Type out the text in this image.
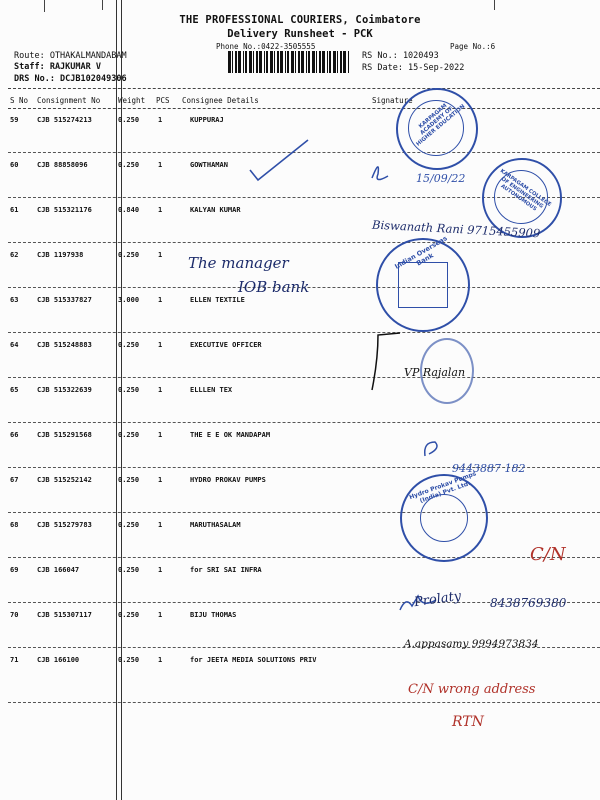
THE PROFESSIONAL COURIERS, Coimbatore
Delivery Runsheet - PCK
Phone No.:0422-3505555	Page No.:6
Route: OTHAKALMANDABAM
Staff: RAJKUMAR V
DRS No.: DCJB102049306
RS No.: 1020493
RS Date: 15-Sep-2022
S No Consignment No Weight PCS Consignee Details	Signature
59	CJB 515274213	0.250	1	KUPPURAJ
60	CJB 88858096	0.250	1	GOWTHAMAN
61	CJB 515321176	0.840	1	KALYAN KUMAR
62	CJB 1197938	0.250	1
63	CJB 515337827	3.000	1	ELLEN TEXTILE
64	CJB 515248883	0.250	1	EXECUTIVE OFFICER
65	CJB 515322639	0.250	1	ELLLEN TEX
66	CJB 515291568	0.250	1	THE E E OK MANDAPAM
67	CJB 515252142	0.250	1	HYDRO PROKAV PUMPS
68	CJB 515279783	0.250	1	MARUTHASALAM
69	CJB 166047	0.250	1	for SRI SAI INFRA
70	CJB 515307117	0.250	1	BIJU THOMAS
71	CJB 166100	0.250	1	for JEETA MEDIA SOLUTIONS PRIV
KARPAGAM ACADEMY OF HIGHER EDUCATION
KARPAGAM COLLEGE OF ENGINEERING AUTONOMOUS
Indian Overseas Bank
Hydro Prokav Pumps (India) Pvt. Ltd.
15/09/22
Biswanath Rani 9715455909
The manager
IOB bank
VP Rajalan
9443887 182
C/N
Prolaty 8438769380
A.appasamy 9994973834
C/N wrong address
RTN
